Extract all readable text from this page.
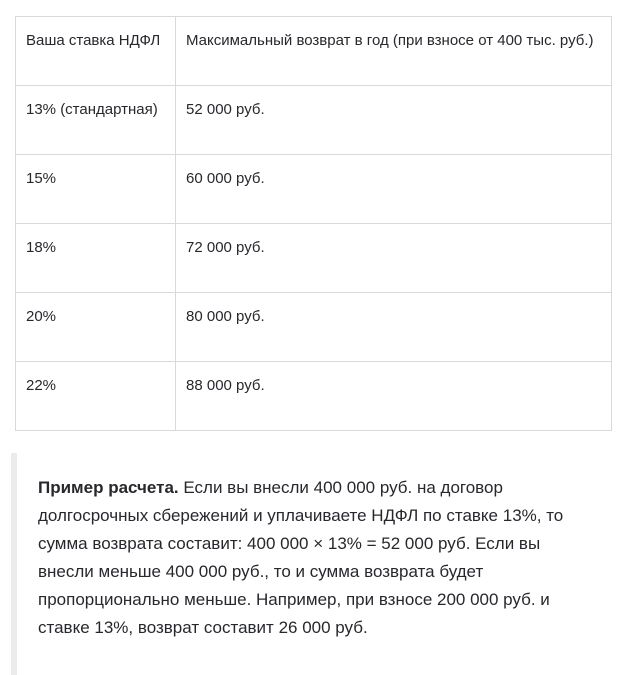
Ваша ставка НДФЛ	Максимальный возврат в год (при взносе от 400 тыс. руб.)
13% (стандартная)	52 000 руб.
15%	60 000 руб.
18%	72 000 руб.
20%	80 000 руб.
22%	88 000 руб.
Пример расчета. Если вы внесли 400 000 руб. на договор долгосрочных сбережений и уплачиваете НДФЛ по ставке 13%, то сумма возврата составит: 400 000 × 13% = 52 000 руб. Если вы внесли меньше 400 000 руб., то и сумма возврата будет пропорционально меньше. Например, при взносе 200 000 руб. и ставке 13%, возврат составит 26 000 руб.
